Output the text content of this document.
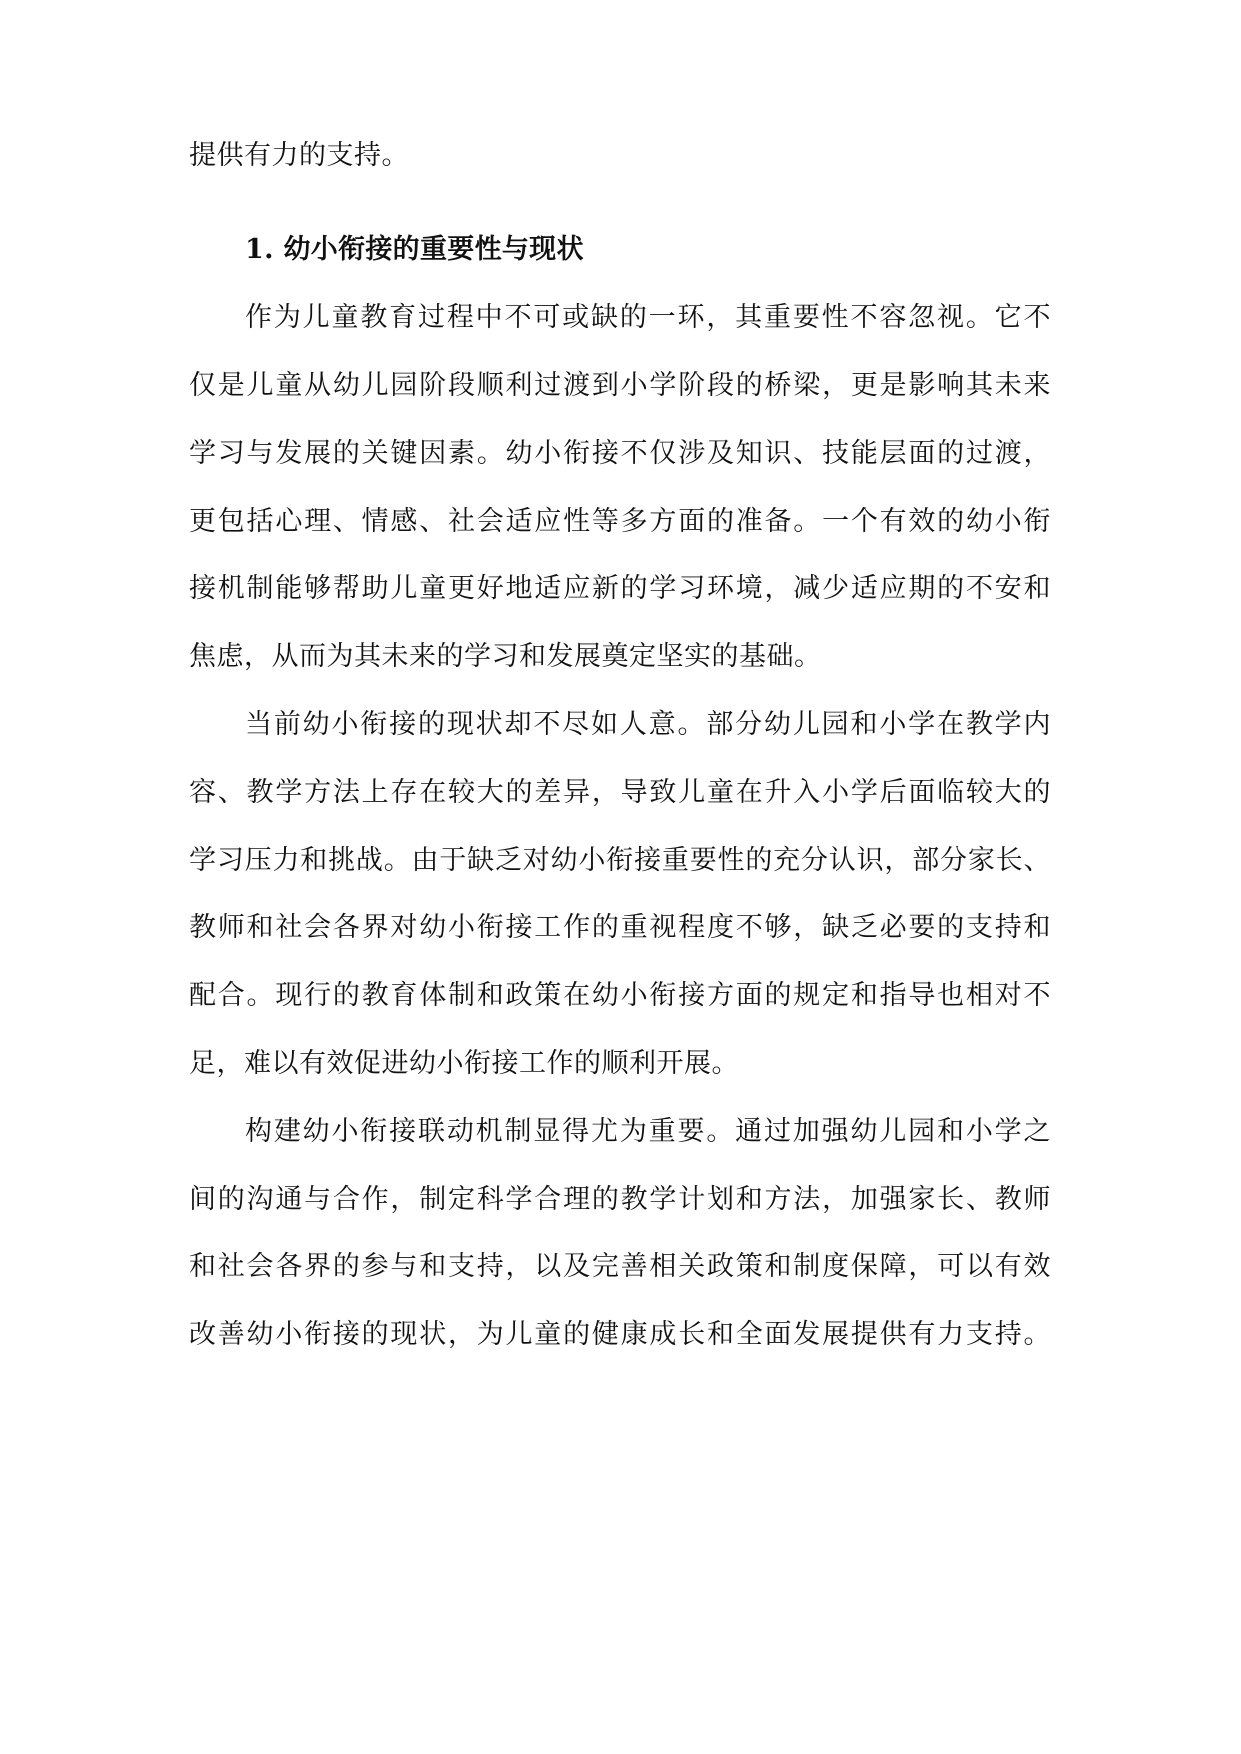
提供有力的支持。
1. 幼小衔接的重要性与现状
作为儿童教育过程中不可或缺的一环，其重要性不容忽视。它不
仅是儿童从幼儿园阶段顺利过渡到小学阶段的桥梁，更是影响其未来
学习与发展的关键因素。幼小衔接不仅涉及知识、技能层面的过渡，
更包括心理、情感、社会适应性等多方面的准备。一个有效的幼小衔
接机制能够帮助儿童更好地适应新的学习环境，减少适应期的不安和
焦虑，从而为其未来的学习和发展奠定坚实的基础。
当前幼小衔接的现状却不尽如人意。部分幼儿园和小学在教学内
容、教学方法上存在较大的差异，导致儿童在升入小学后面临较大的
学习压力和挑战。由于缺乏对幼小衔接重要性的充分认识，部分家长、
教师和社会各界对幼小衔接工作的重视程度不够，缺乏必要的支持和
配合。现行的教育体制和政策在幼小衔接方面的规定和指导也相对不
足，难以有效促进幼小衔接工作的顺利开展。
构建幼小衔接联动机制显得尤为重要。通过加强幼儿园和小学之
间的沟通与合作，制定科学合理的教学计划和方法，加强家长、教师
和社会各界的参与和支持，以及完善相关政策和制度保障，可以有效
改善幼小衔接的现状，为儿童的健康成长和全面发展提供有力支持。
